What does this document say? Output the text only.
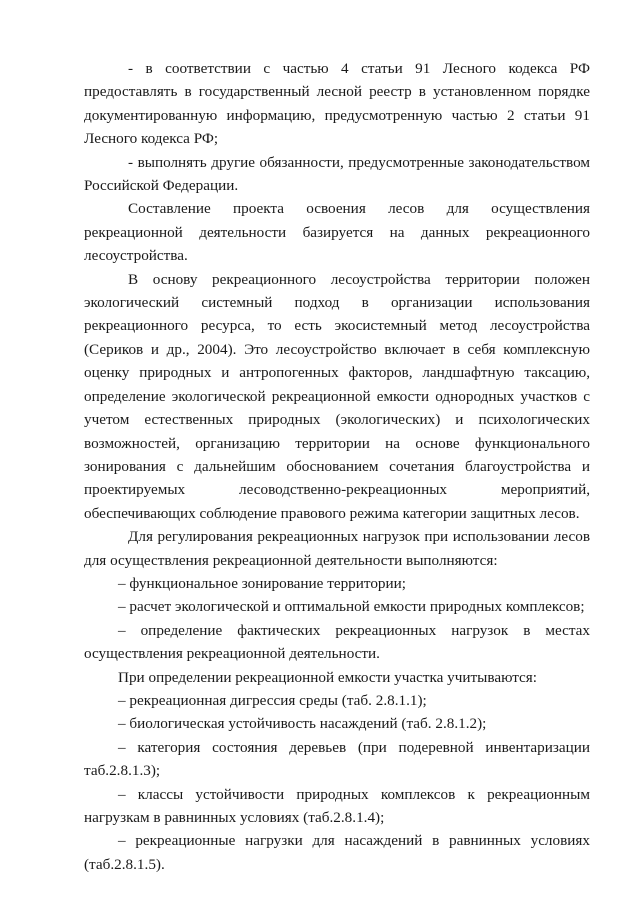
- в соответствии с частью 4 статьи 91 Лесного кодекса РФ предоставлять в государственный лесной реестр в установленном порядке документированную информацию, предусмотренную частью 2 статьи 91 Лесного кодекса РФ;

- выполнять другие обязанности, предусмотренные законодательством Российской Федерации.

Составление проекта освоения лесов для осуществления рекреационной деятельности базируется на данных рекреационного лесоустройства.

В основу рекреационного лесоустройства территории положен экологический системный подход в организации использования рекреационного ресурса, то есть экосистемный метод лесоустройства (Сериков и др., 2004). Это лесоустройство включает в себя комплексную оценку природных и антропогенных факторов, ландшафтную таксацию, определение экологической рекреационной емкости однородных участков с учетом естественных природных (экологических) и психологических возможностей, организацию территории на основе функционального зонирования с дальнейшим обоснованием сочетания благоустройства и проектируемых лесоводственно-рекреационных мероприятий, обеспечивающих соблюдение правового режима категории защитных лесов.

Для регулирования рекреационных нагрузок при использовании лесов для осуществления рекреационной деятельности выполняются:

– функциональное зонирование территории;

– расчет экологической и оптимальной емкости природных комплексов;

– определение фактических рекреационных нагрузок в местах осуществления рекреационной деятельности.

При определении рекреационной емкости участка учитываются:

– рекреационная дигрессия среды (таб. 2.8.1.1);

– биологическая устойчивость насаждений (таб. 2.8.1.2);

– категория состояния деревьев (при подеревной инвентаризации таб.2.8.1.3);

– классы устойчивости природных комплексов к рекреационным нагрузкам в равнинных условиях (таб.2.8.1.4);

– рекреационные нагрузки для насаждений в равнинных условиях (таб.2.8.1.5).
